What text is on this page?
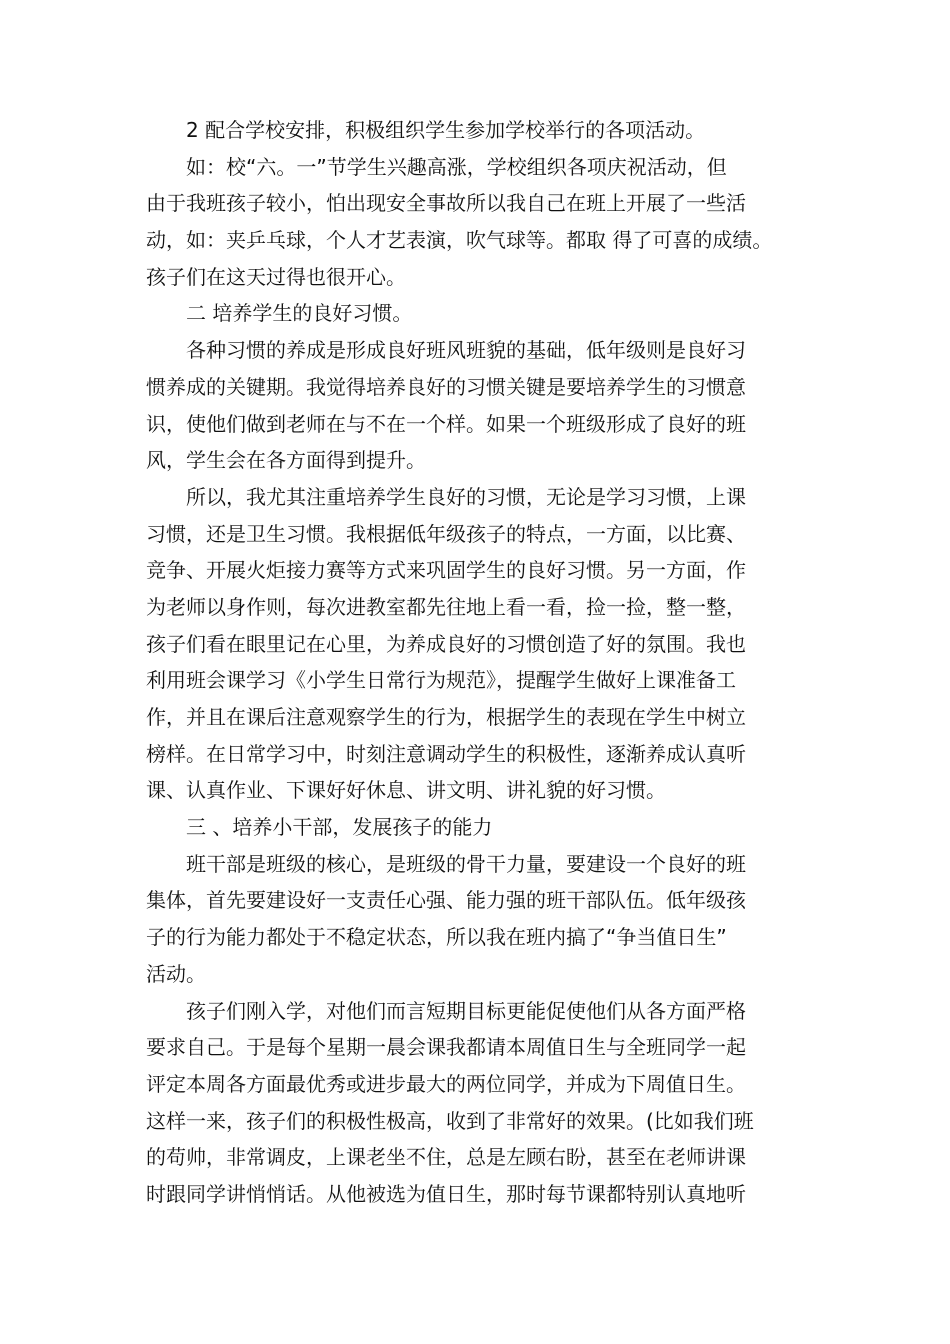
2 配合学校安排，积极组织学生参加学校举行的各项活动。
如：校“六。一”节学生兴趣高涨，学校组织各项庆祝活动，但
由于我班孩子较小，怕出现安全事故所以我自己在班上开展了一些活
动，如：夹乒乓球，个人才艺表演，吹气球等。都取 得了可喜的成绩。
孩子们在这天过得也很开心。
二 培养学生的良好习惯。
各种习惯的养成是形成良好班风班貌的基础，低年级则是良好习
惯养成的关键期。我觉得培养良好的习惯关键是要培养学生的习惯意
识，使他们做到老师在与不在一个样。如果一个班级形成了良好的班
风，学生会在各方面得到提升。
所以，我尤其注重培养学生良好的习惯，无论是学习习惯，上课
习惯，还是卫生习惯。我根据低年级孩子的特点，一方面，以比赛、
竞争、开展火炬接力赛等方式来巩固学生的良好习惯。另一方面，作
为老师以身作则，每次进教室都先往地上看一看，捡一捡，整一整，
孩子们看在眼里记在心里，为养成良好的习惯创造了好的氛围。我也
利用班会课学习《小学生日常行为规范》，提醒学生做好上课准备工
作，并且在课后注意观察学生的行为，根据学生的表现在学生中树立
榜样。在日常学习中，时刻注意调动学生的积极性，逐渐养成认真听
课、认真作业、下课好好休息、讲文明、讲礼貌的好习惯。
三 、培养小干部，发展孩子的能力
班干部是班级的核心，是班级的骨干力量，要建设一个良好的班
集体，首先要建设好一支责任心强、能力强的班干部队伍。低年级孩
子的行为能力都处于不稳定状态，所以我在班内搞了“争当值日生”
活动。
孩子们刚入学，对他们而言短期目标更能促使他们从各方面严格
要求自己。于是每个星期一晨会课我都请本周值日生与全班同学一起
评定本周各方面最优秀或进步最大的两位同学，并成为下周值日生。
这样一来，孩子们的积极性极高，收到了非常好的效果。(比如我们班
的苟帅，非常调皮，上课老坐不住，总是左顾右盼，甚至在老师讲课
时跟同学讲悄悄话。从他被选为值日生，那时每节课都特别认真地听
